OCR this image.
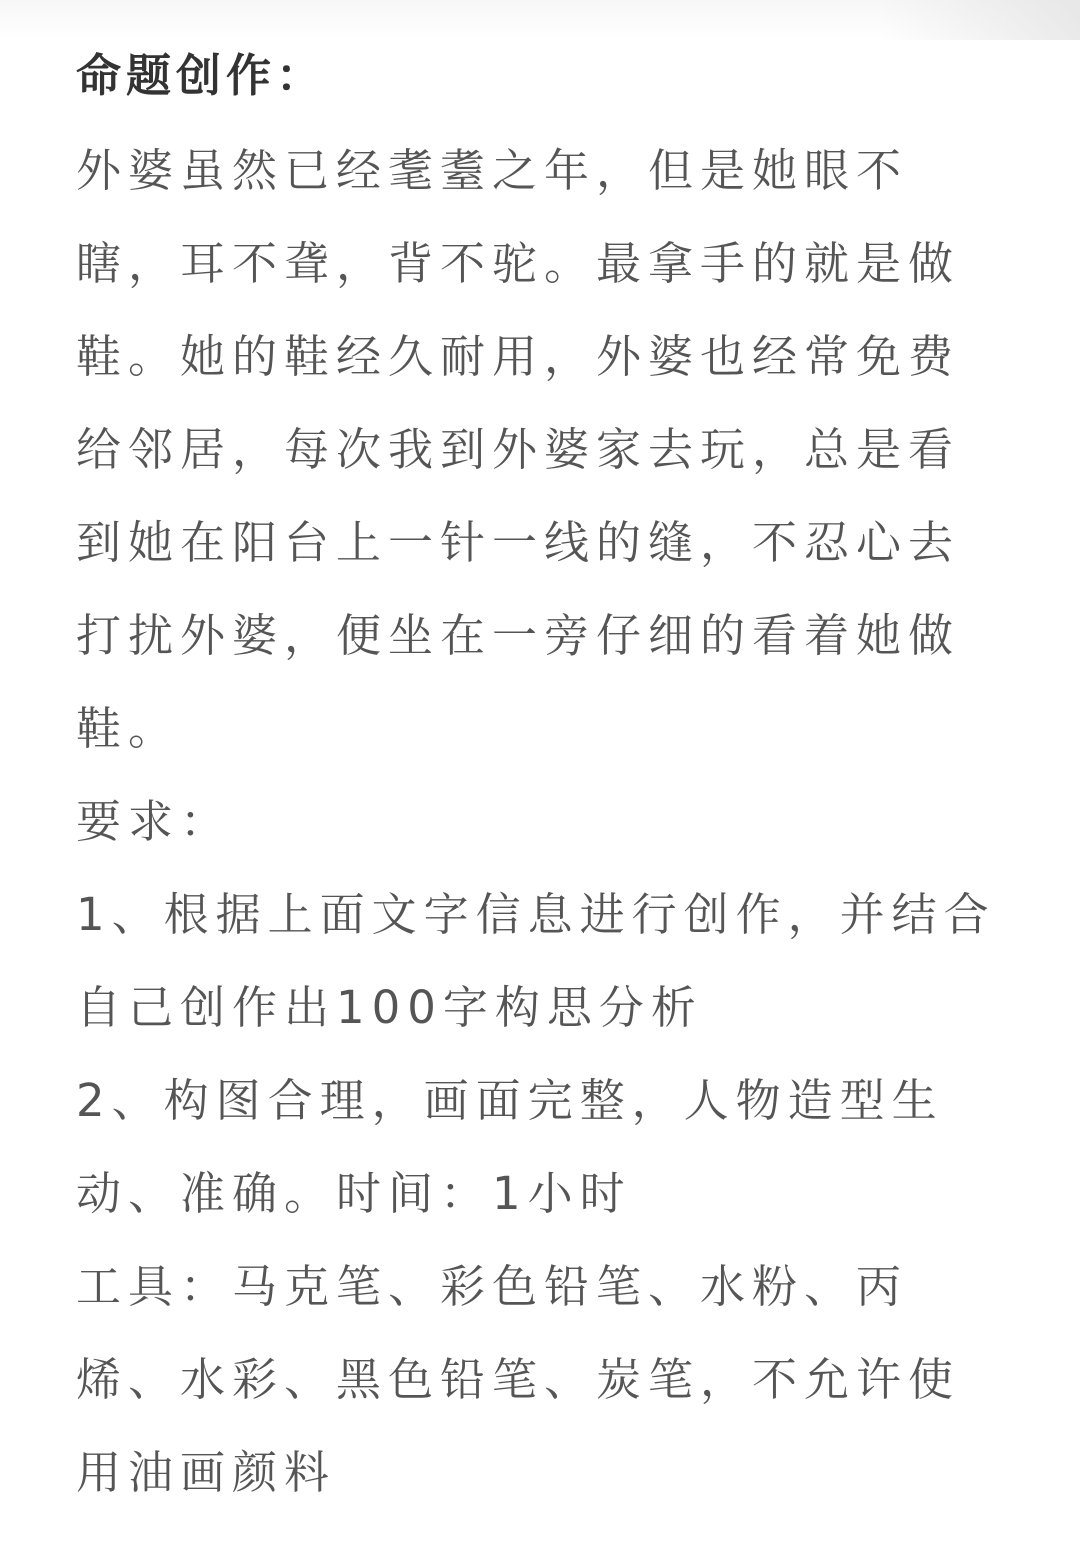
命题创作：
外婆虽然已经耄耋之年，但是她眼不
瞎，耳不聋，背不驼。最拿手的就是做
鞋。她的鞋经久耐用，外婆也经常免费
给邻居，每次我到外婆家去玩，总是看
到她在阳台上一针一线的缝，不忍心去
打扰外婆，便坐在一旁仔细的看着她做
鞋。
要求：
1、根据上面文字信息进行创作，并结合
自己创作出100字构思分析
2、构图合理，画面完整，人物造型生
动、准确。时间：1小时
工具：马克笔、彩色铅笔、水粉、丙
烯、水彩、黑色铅笔、炭笔，不允许使
用油画颜料
